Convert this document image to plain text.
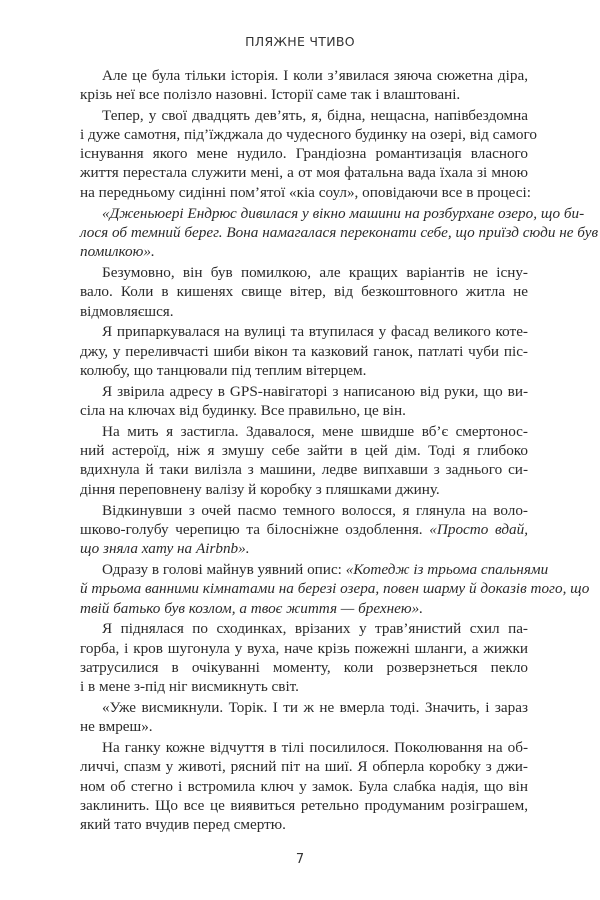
ПЛЯЖНЕ ЧТИВО
Але це була тільки історія. І коли з’явилася зяюча сюжетна діра,
крізь неї все полізло назовні. Історії саме так і влаштовані.
Тепер, у свої двадцять дев’ять, я, бідна, нещасна, напівбездомна
і дуже самотня, під’їжджала до чудесного будинку на озері, від самого
існування якого мене нудило. Грандіозна романтизація власного
життя перестала служити мені, а от моя фатальна вада їхала зі мною
на передньому сидінні пом’ятої «кіа соул», оповідаючи все в процесі:
«Дженьюері Ендрюс дивилася у вікно машини на розбурхане озеро, що би-
лося об темний берег. Вона намагалася переконати себе, що приїзд сюди не був
помилкою».
Безумовно, він був помилкою, але кращих варіантів не існу-
вало. Коли в кишенях свище вітер, від безкоштовного житла не
відмовляєшся.
Я припаркувалася на вулиці та втупилася у фасад великого коте-
джу, у переливчасті шиби вікон та казковий ганок, патлаті чуби піс-
колюбу, що танцювали під теплим вітерцем.
Я звірила адресу в GPS-навігаторі з написаною від руки, що ви-
сіла на ключах від будинку. Все правильно, це він.
На мить я застигла. Здавалося, мене швидше вб’є смертонос-
ний астероїд, ніж я змушу себе зайти в цей дім. Тоді я глибоко
вдихнула й таки вилізла з машини, ледве випхавши з заднього си-
діння переповнену валізу й коробку з пляшками джину.
Відкинувши з очей пасмо темного волосся, я глянула на воло-
шково-голубу черепицю та білосніжне оздоблення. «Просто вдай,
що зняла хату на Airbnb».
Одразу в голові майнув уявний опис: «Котедж із трьома спальнями
й трьома ванними кімнатами на березі озера, повен шарму й доказів того, що
твій батько був козлом, а твоє життя — брехнею».
Я піднялася по сходинках, врізаних у трав’янистий схил па-
горба, і кров шугонула у вуха, наче крізь пожежні шланги, а жижки
затрусилися в очікуванні моменту, коли розверзнеться пекло
і в мене з-під ніг висмикнуть світ.
«Уже висмикнули. Торік. І ти ж не вмерла тоді. Значить, і зараз
не вмреш».
На ганку кожне відчуття в тілі посилилося. Поколювання на об-
личчі, спазм у животі, рясний піт на шиї. Я обперла коробку з джи-
ном об стегно і встромила ключ у замок. Була слабка надія, що він
заклинить. Що все це виявиться ретельно продуманим розіграшем,
який тато вчудив перед смертю.
7
